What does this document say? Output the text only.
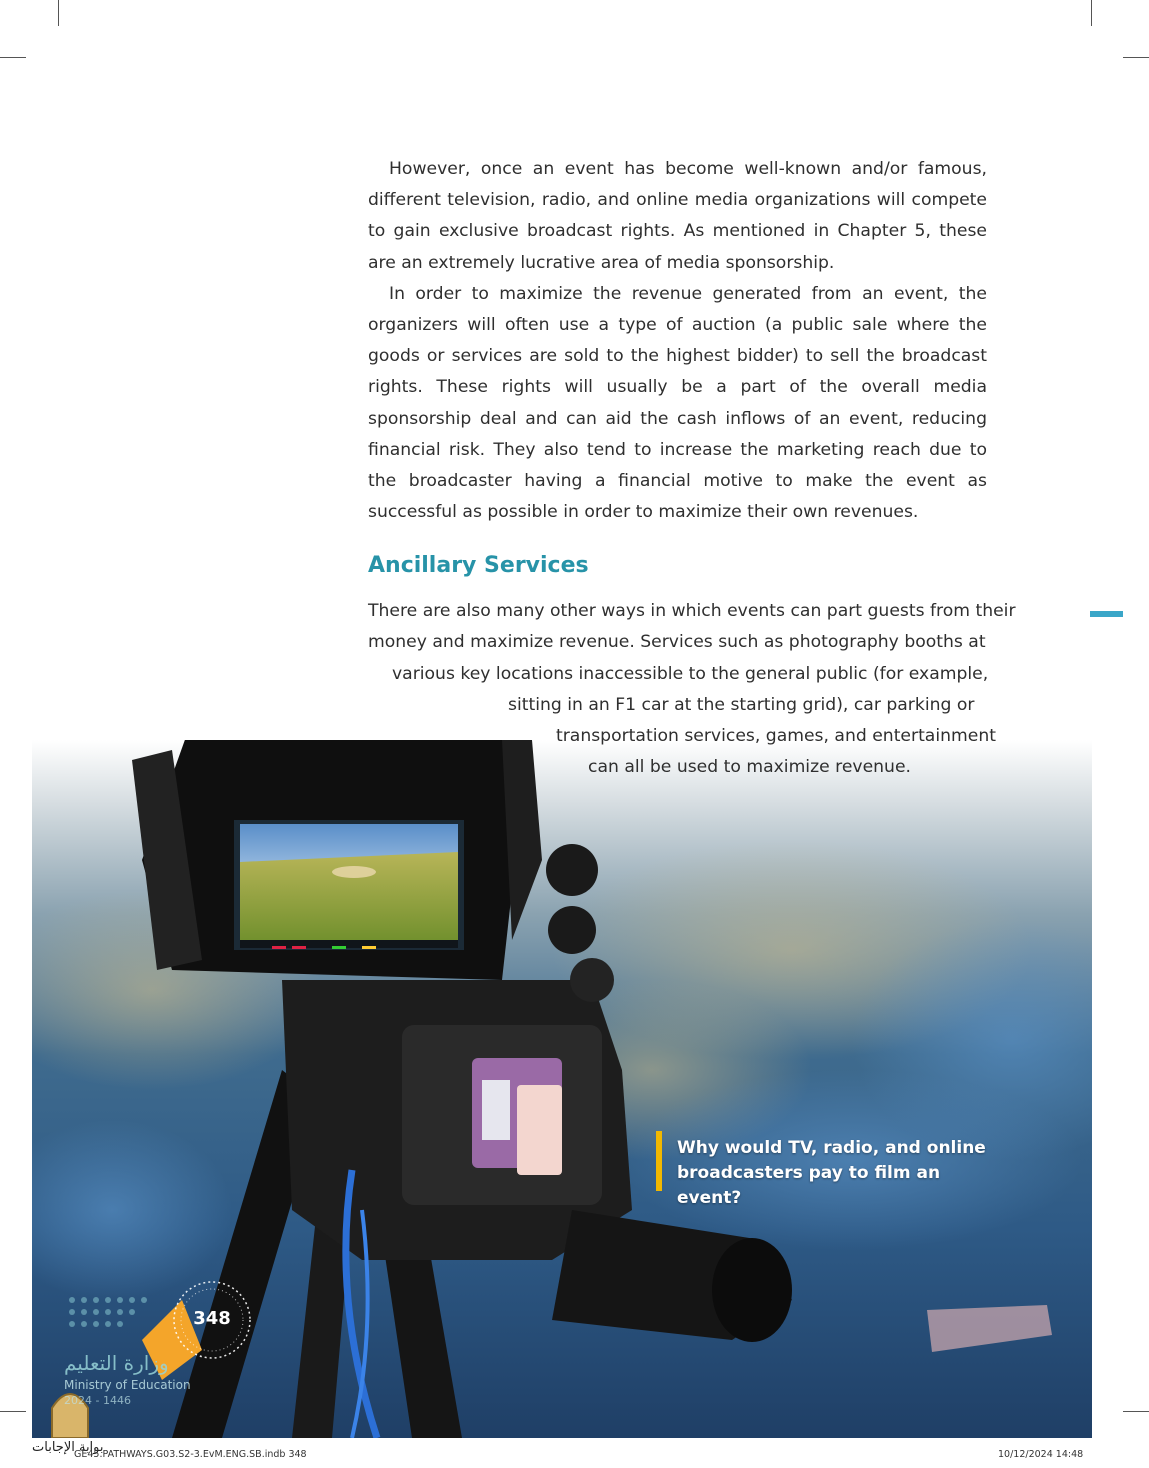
However, once an event has become well-known and/or famous, different television, radio, and online media organizations will compete to gain exclusive broadcast rights. As mentioned in Chapter 5, these are an extremely lucrative area of media sponsorship.

In order to maximize the revenue generated from an event, the organizers will often use a type of auction (a public sale where the goods or services are sold to the highest bidder) to sell the broadcast rights. These rights will usually be a part of the overall media sponsorship deal and can aid the cash inflows of an event, reducing financial risk. They also tend to increase the marketing reach due to the broadcaster having a financial motive to make the event as successful as possible in order to maximize their own revenues.

Ancillary Services
There are also many other ways in which events can part guests from their
money and maximize revenue. Services such as photography booths at
various key locations inaccessible to the general public (for example,
sitting in an F1 car at the starting grid), car parking or
transportation services, games, and entertainment
can all be used to maximize revenue.
Why would TV, radio, and online broadcasters pay to film an event?
348
وزارة التعليم
Ministry of Education
2024 - 1446
بوابة الإجابات
GE45.PATHWAYS.G03.S2-3.EvM.ENG.SB.indb 348	10/12/2024 14:48
